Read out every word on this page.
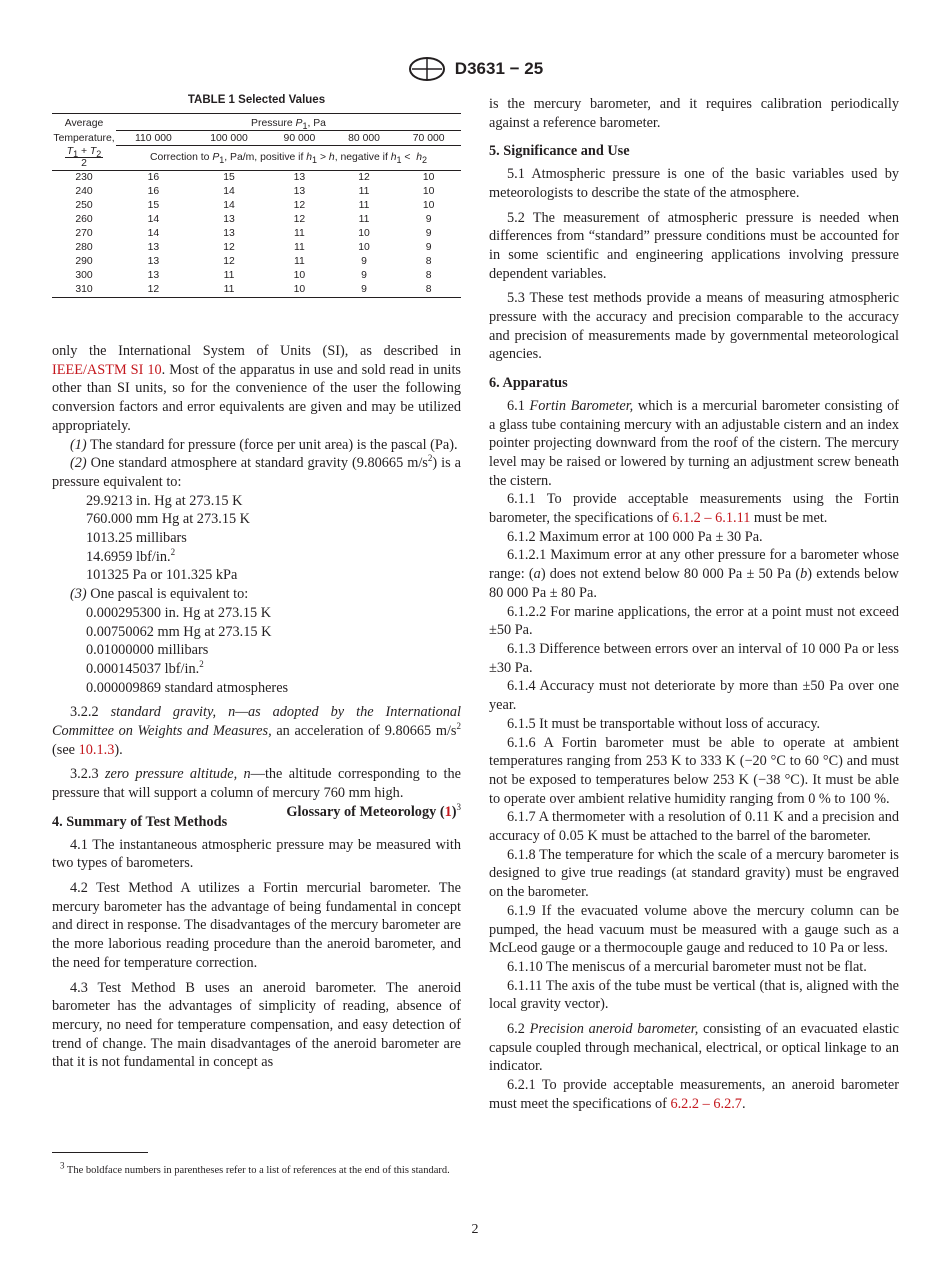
D3631 − 25
TABLE 1 Selected Values
Average	Pressure $P_1$, Pa				
Temperature,	110 000	100 000	90 000	80 000	70 000

$\frac{T_1 + T_2}{2}$	Correction to $P_1$, Pa/m, positive if $h_1 > h$, negative if $h_1 < h_2$
230	16	15	13	12	10
240	16	14	13	11	10
250	15	14	12	11	10
260	14	13	12	11	9
270	14	13	11	10	9
280	13	12	11	10	9
290	13	12	11	9	8
300	13	11	10	9	8
310	12	11	10	9	8

only the International System of Units (SI), as described in IEEE/ASTM SI 10. Most of the apparatus in use and sold read in units other than SI units, so for the convenience of the user the following conversion factors and error equivalents are given and may be utilized appropriately.

(1) The standard for pressure (force per unit area) is the pascal (Pa).

(2) One standard atmosphere at standard gravity (9.80665 $m/s^2$) is a pressure equivalent to:

29.9213 in. Hg at 273.15 K

760.000 mm Hg at 273.15 K

1013.25 millibars

14.6959 lbf/in.$^2$

101325 Pa or 101.325 kPa

(3) One pascal is equivalent to:

0.000295300 in. Hg at 273.15 K

0.00750062 mm Hg at 273.15 K

0.01000000 millibars

0.000145037 lbf/in.$^2$

0.000009869 standard atmospheres

3.2.2 standard gravity, n—as adopted by the International Committee on Weights and Measures, an acceleration of 9.80665 $m/s^2$ (see 10.1.3).

3.2.3 zero pressure altitude, n—the altitude corresponding to the pressure that will support a column of mercury 760 mm high.
Glossary of Meteorology $(1)^3$

4. Summary of Test Methods

4.1 The instantaneous atmospheric pressure may be measured with two types of barometers.

4.2 Test Method A utilizes a Fortin mercurial barometer. The mercury barometer has the advantage of being fundamental in concept and direct in response. The disadvantages of the mercury barometer are the more laborious reading procedure than the aneroid barometer, and the need for temperature correction.

4.3 Test Method B uses an aneroid barometer. The aneroid barometer has the advantages of simplicity of reading, absence of mercury, no need for temperature compensation, and easy detection of trend of change. The main disadvantages of the aneroid barometer are that it is not fundamental in concept as

$^3$ The boldface numbers in parentheses refer to a list of references at the end of this standard.

is the mercury barometer, and it requires calibration periodically against a reference barometer.

5. Significance and Use

5.1 Atmospheric pressure is one of the basic variables used by meteorologists to describe the state of the atmosphere.

5.2 The measurement of atmospheric pressure is needed when differences from “standard” pressure conditions must be accounted for in some scientific and engineering applications involving pressure dependent variables.

5.3 These test methods provide a means of measuring atmospheric pressure with the accuracy and precision comparable to the accuracy and precision of measurements made by governmental meteorological agencies.

6. Apparatus

6.1 Fortin Barometer, which is a mercurial barometer consisting of a glass tube containing mercury with an adjustable cistern and an index pointer projecting downward from the roof of the cistern. The mercury level may be raised or lowered by turning an adjustment screw beneath the cistern.

6.1.1 To provide acceptable measurements using the Fortin barometer, the specifications of 6.1.2 – 6.1.11 must be met.

6.1.2 Maximum error at 100 000 Pa ± 30 Pa.

6.1.2.1 Maximum error at any other pressure for a barometer whose range: (a) does not extend below 80 000 Pa ± 50 Pa (b) extends below 80 000 Pa ± 80 Pa.

6.1.2.2 For marine applications, the error at a point must not exceed ±50 Pa.

6.1.3 Difference between errors over an interval of 10 000 Pa or less ±30 Pa.

6.1.4 Accuracy must not deteriorate by more than ±50 Pa over one year.

6.1.5 It must be transportable without loss of accuracy.

6.1.6 A Fortin barometer must be able to operate at ambient temperatures ranging from 253 K to 333 K (−20 °C to 60 °C) and must not be exposed to temperatures below 253 K (−38 °C). It must be able to operate over ambient relative humidity ranging from 0 % to 100 %.

6.1.7 A thermometer with a resolution of 0.11 K and a precision and accuracy of 0.05 K must be attached to the barrel of the barometer.

6.1.8 The temperature for which the scale of a mercury barometer is designed to give true readings (at standard gravity) must be engraved on the barometer.

6.1.9 If the evacuated volume above the mercury column can be pumped, the head vacuum must be measured with a gauge such as a McLeod gauge or a thermocouple gauge and reduced to 10 Pa or less.

6.1.10 The meniscus of a mercurial barometer must not be flat.

6.1.11 The axis of the tube must be vertical (that is, aligned with the local gravity vector).

6.2 Precision aneroid barometer, consisting of an evacuated elastic capsule coupled through mechanical, electrical, or optical linkage to an indicator.

6.2.1 To provide acceptable measurements, an aneroid barometer must meet the specifications of 6.2.2 – 6.2.7.

2
